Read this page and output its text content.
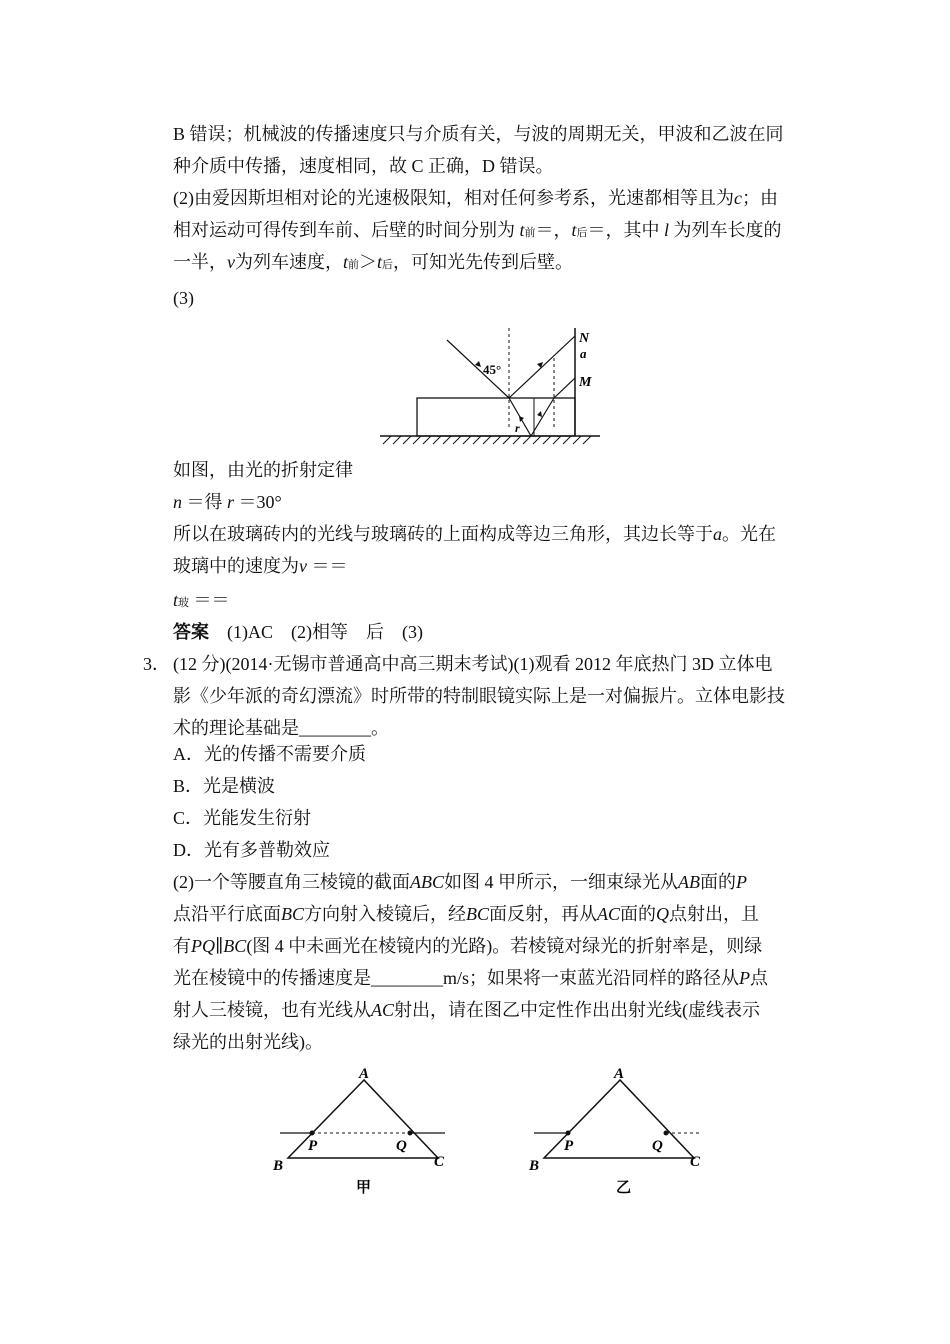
B 错误；机械波的传播速度只与介质有关，与波的周期无关，甲波和乙波在同
种介质中传播，速度相同，故 C 正确，D 错误。
(2)由爱因斯坦相对论的光速极限知，相对任何参考系，光速都相等且为c；由
相对运动可得传到车前、后壁的时间分别为 t前＝，t后＝，其中 l 为列车长度的
一半，v为列车速度，t前＞t后，可知光先传到后壁。
(3)
45°
N
a
M
r
如图，由光的折射定律
n ＝得 r ＝30°
所以在玻璃砖内的光线与玻璃砖的上面构成等边三角形，其边长等于a。光在
玻璃中的速度为v ＝＝
t玻 ＝＝
答案　 (1)AC　(2)相等　后　(3)
3． (12 分)(2014·无锡市普通高中高三期末考试)(1)观看 2012 年底热门 3D 立体电
影《少年派的奇幻漂流》时所带的特制眼镜实际上是一对偏振片。立体电影技
术的理论基础是________。
A．光的传播不需要介质
B．光是横波
C．光能发生衍射
D．光有多普勒效应
(2)一个等腰直角三棱镜的截面ABC如图 4 甲所示，一细束绿光从AB面的P
点沿平行底面BC方向射入棱镜后，经BC面反射，再从AC面的Q点射出，且
有PQ∥BC(图 4 中未画光在棱镜内的光路)。若棱镜对绿光的折射率是，则绿
光在棱镜中的传播速度是________m/s；如果将一束蓝光沿同样的路径从P点
射人三棱镜，也有光线从AC射出，请在图乙中定性作出出射光线(虚线表示
绿光的出射光线)。
A
B	C
P	Q
甲
A
B	C
P	Q
乙
